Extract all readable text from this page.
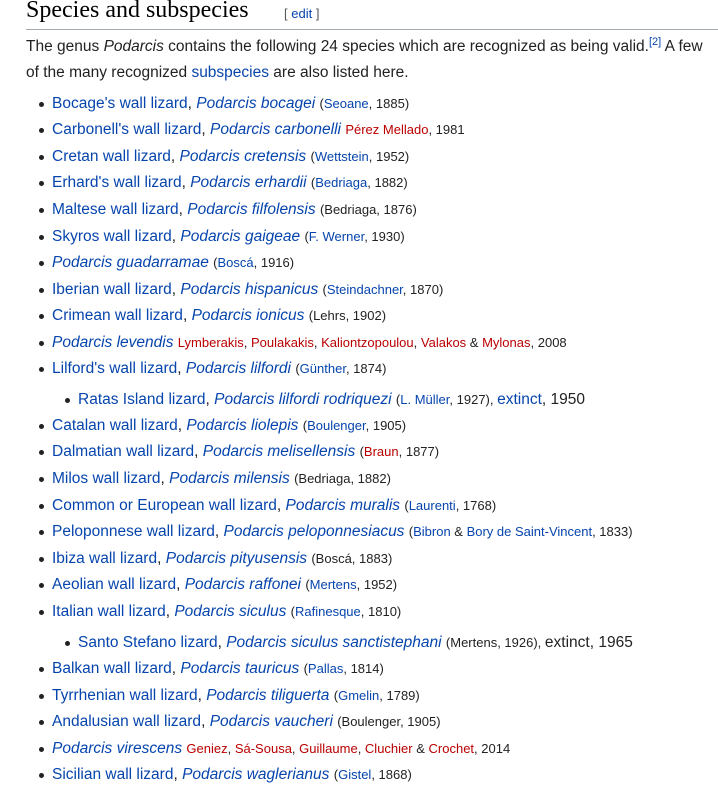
Species and subspecies	[ edit ]
The genus Podarcis contains the following 24 species which are recognized as being valid.[2] A few of the many recognized subspecies are also listed here.
Bocage's wall lizard, Podarcis bocagei (Seoane, 1885)
Carbonell's wall lizard, Podarcis carbonelli Pérez Mellado, 1981
Cretan wall lizard, Podarcis cretensis (Wettstein, 1952)
Erhard's wall lizard, Podarcis erhardii (Bedriaga, 1882)
Maltese wall lizard, Podarcis filfolensis (Bedriaga, 1876)
Skyros wall lizard, Podarcis gaigeae (F. Werner, 1930)
Podarcis guadarramae (Boscá, 1916)
Iberian wall lizard, Podarcis hispanicus (Steindachner, 1870)
Crimean wall lizard, Podarcis ionicus (Lehrs, 1902)
Podarcis levendis Lymberakis, Poulakakis, Kaliontzopoulou, Valakos & Mylonas, 2008
Lilford's wall lizard, Podarcis lilfordi (Günther, 1874)
Ratas Island lizard, Podarcis lilfordi rodriquezi (L. Müller, 1927), extinct, 1950
Catalan wall lizard, Podarcis liolepis (Boulenger, 1905)
Dalmatian wall lizard, Podarcis melisellensis (Braun, 1877)
Milos wall lizard, Podarcis milensis (Bedriaga, 1882)
Common or European wall lizard, Podarcis muralis (Laurenti, 1768)
Peloponnese wall lizard, Podarcis peloponnesiacus (Bibron & Bory de Saint-Vincent, 1833)
Ibiza wall lizard, Podarcis pityusensis (Boscá, 1883)
Aeolian wall lizard, Podarcis raffonei (Mertens, 1952)
Italian wall lizard, Podarcis siculus (Rafinesque, 1810)
Santo Stefano lizard, Podarcis siculus sanctistephani (Mertens, 1926), extinct, 1965
Balkan wall lizard, Podarcis tauricus (Pallas, 1814)
Tyrrhenian wall lizard, Podarcis tiliguerta (Gmelin, 1789)
Andalusian wall lizard, Podarcis vaucheri (Boulenger, 1905)
Podarcis virescens Geniez, Sá-Sousa, Guillaume, Cluchier & Crochet, 2014
Sicilian wall lizard, Podarcis waglerianus (Gistel, 1868)
